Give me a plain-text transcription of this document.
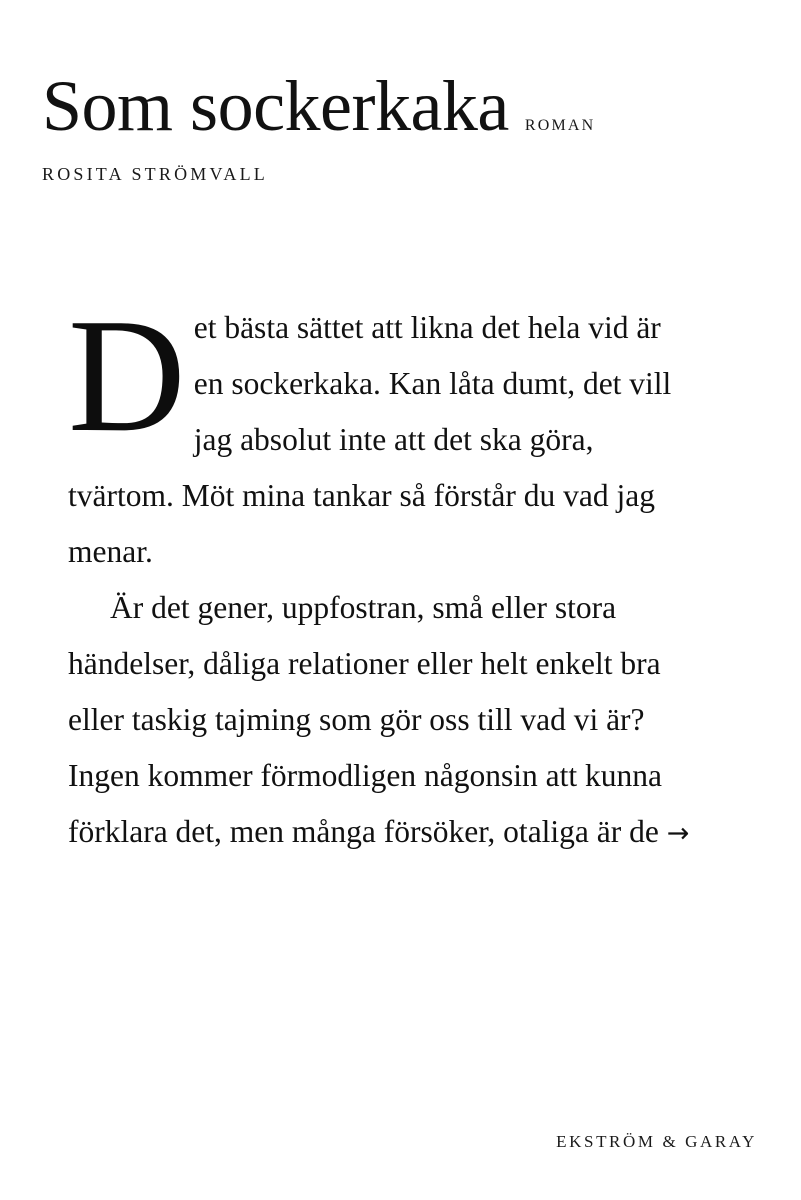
Som sockerkaka ROMAN
ROSITA STRÖMVALL

Det bästa sättet att likna det hela vid är en sockerkaka. Kan låta dumt, det vill jag absolut inte att det ska göra, tvärtom. Möt mina tankar så förstår du vad jag menar.

Är det gener, uppfostran, små eller stora händelser, dåliga relationer eller helt enkelt bra eller taskig tajming som gör oss till vad vi är? Ingen kommer förmodligen någonsin att kunna förklara det, men många försöker, otaliga är de →

EKSTRÖM & GARAY
